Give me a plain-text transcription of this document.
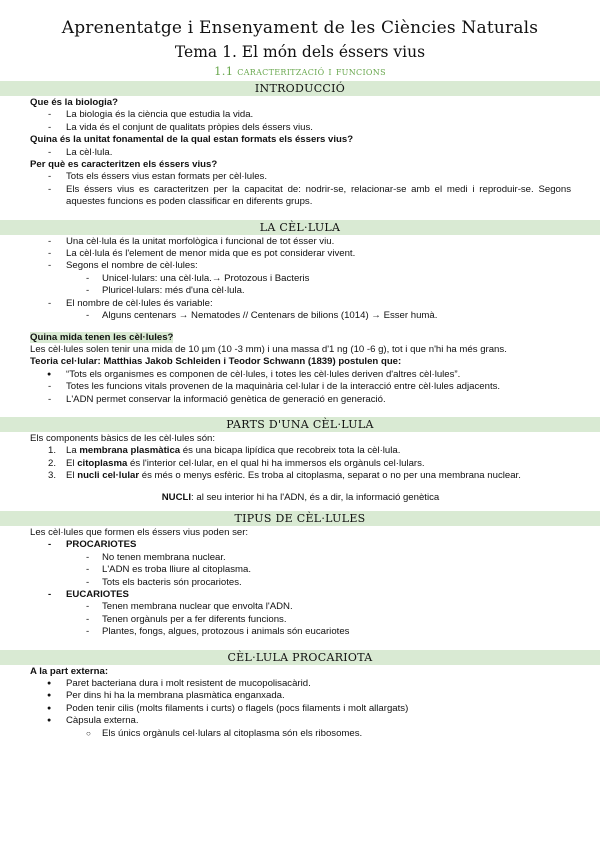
Aprenentatge i Ensenyament de les Ciències Naturals
Tema 1. El món dels éssers vius
1.1 caracterització i funcions
INTRODUCCIÓ

Que és la biologia?

- La biologia és la ciència que estudia la vida.
- La vida és el conjunt de qualitats pròpies dels éssers vius.

Quina és la unitat fonamental de la qual estan formats els éssers vius?

- La cèl·lula.

Per què es caracteritzen els éssers vius?

- Tots els éssers vius estan formats per cèl·lules.
- Els éssers vius es caracteritzen per la capacitat de: nodrir-se, relacionar-se amb el medi i reproduir-se. Segons aquestes funcions es poden classificar en diferents grups.
LA CÈL·LULA
- Una cèl·lula és la unitat morfològica i funcional de tot ésser viu.
- La cèl·lula és l'element de menor mida que es pot considerar vivent.
- Segons el nombre de cèl·lules:
- Unicel·lulars: una cèl·lula.→ Protozous i Bacteris
- Pluricel·lulars: més d'una cèl·lula.
- El nombre de cèl·lules és variable:
- Alguns centenars → Nematodes // Centenars de bilions (1014) → Esser humà.

Quina mida tenen les cèl·lules?

Les cèl·lules solen tenir una mida de 10 µm (10 -3 mm) i una massa d'1 ng (10 -6 g), tot i que n'hi ha més grans.

Teoria cel·lular: Matthias Jakob Schleiden i Teodor Schwann (1839) postulen que:

● “Tots els organismes es componen de cèl·lules, i totes les cèl·lules deriven d'altres cèl·lules”.
- Totes les funcions vitals provenen de la maquinària cel·lular i de la interacció entre cèl·lules adjacents.
- L'ADN permet conservar la informació genètica de generació en generació.
PARTS D'UNA CÈL·LULA

Els components bàsics de les cèl·lules són:

1. La membrana plasmàtica és una bicapa lipídica que recobreix tota la cèl·lula.
2. El citoplasma és l'interior cel·lular, en el qual hi ha immersos els orgànuls cel·lulars.
3. El nucli cel·lular és més o menys esfèric. Es troba al citoplasma, separat o no per una membrana nuclear.

NUCLI: al seu interior hi ha l'ADN, és a dir, la informació genètica

TIPUS DE CÈL·LULES

Les cèl·lules que formen els éssers vius poden ser:

- PROCARIOTES

- No tenen membrana nuclear.
- L'ADN es troba lliure al citoplasma.
- Tots els bacteris són procariotes.

- EUCARIOTES

- Tenen membrana nuclear que envolta l'ADN.
- Tenen orgànuls per a fer diferents funcions.
- Plantes, fongs, algues, protozous i animals són eucariotes
CÈL·LULA PROCARIOTA

A la part externa:

● Paret bacteriana dura i molt resistent de mucopolisacàrid.
● Per dins hi ha la membrana plasmàtica enganxada.
● Poden tenir cilis (molts filaments i curts) o flagels (pocs filaments i molt allargats)
● Càpsula externa.
○ Els únics orgànuls cel·lulars al citoplasma són els ribosomes.
